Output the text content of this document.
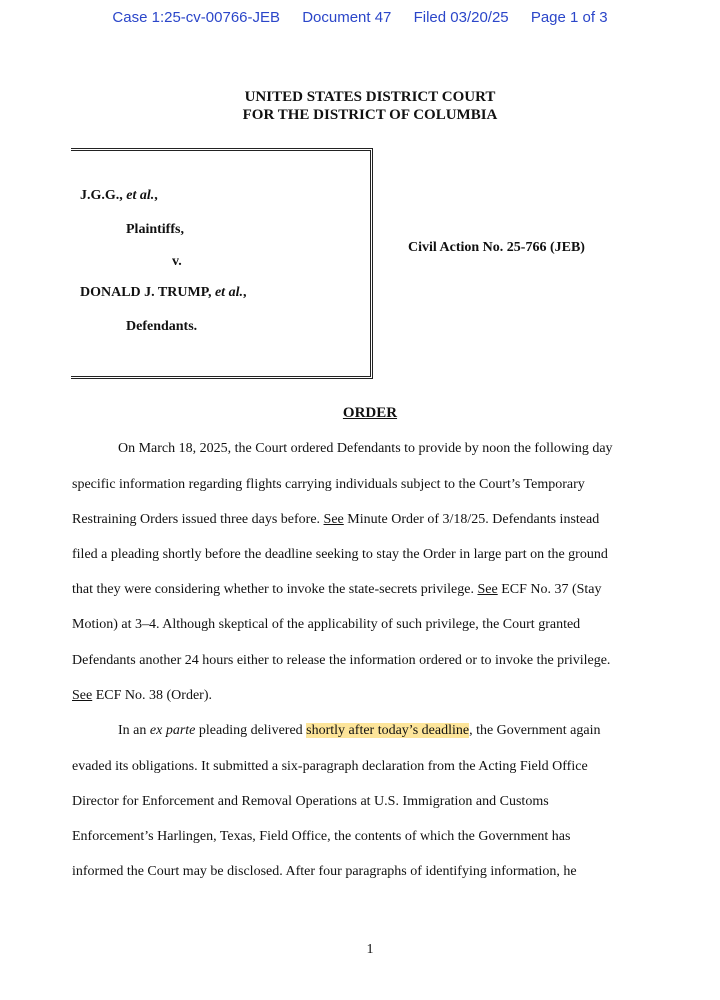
Case 1:25-cv-00766-JEB Document 47 Filed 03/20/25 Page 1 of 3
UNITED STATES DISTRICT COURT
FOR THE DISTRICT OF COLUMBIA
J.G.G., et al.,
Plaintiffs,
v.
DONALD J. TRUMP, et al.,
Defendants.
Civil Action No. 25-766 (JEB)
ORDER
On March 18, 2025, the Court ordered Defendants to provide by noon the following day
specific information regarding flights carrying individuals subject to the Court’s Temporary
Restraining Orders issued three days before. See Minute Order of 3/18/25. Defendants instead
filed a pleading shortly before the deadline seeking to stay the Order in large part on the ground
that they were considering whether to invoke the state-secrets privilege. See ECF No. 37 (Stay
Motion) at 3–4. Although skeptical of the applicability of such privilege, the Court granted
Defendants another 24 hours either to release the information ordered or to invoke the privilege.
See ECF No. 38 (Order).
In an ex parte pleading delivered shortly after today’s deadline, the Government again
evaded its obligations. It submitted a six-paragraph declaration from the Acting Field Office
Director for Enforcement and Removal Operations at U.S. Immigration and Customs
Enforcement’s Harlingen, Texas, Field Office, the contents of which the Government has
informed the Court may be disclosed. After four paragraphs of identifying information, he
1
